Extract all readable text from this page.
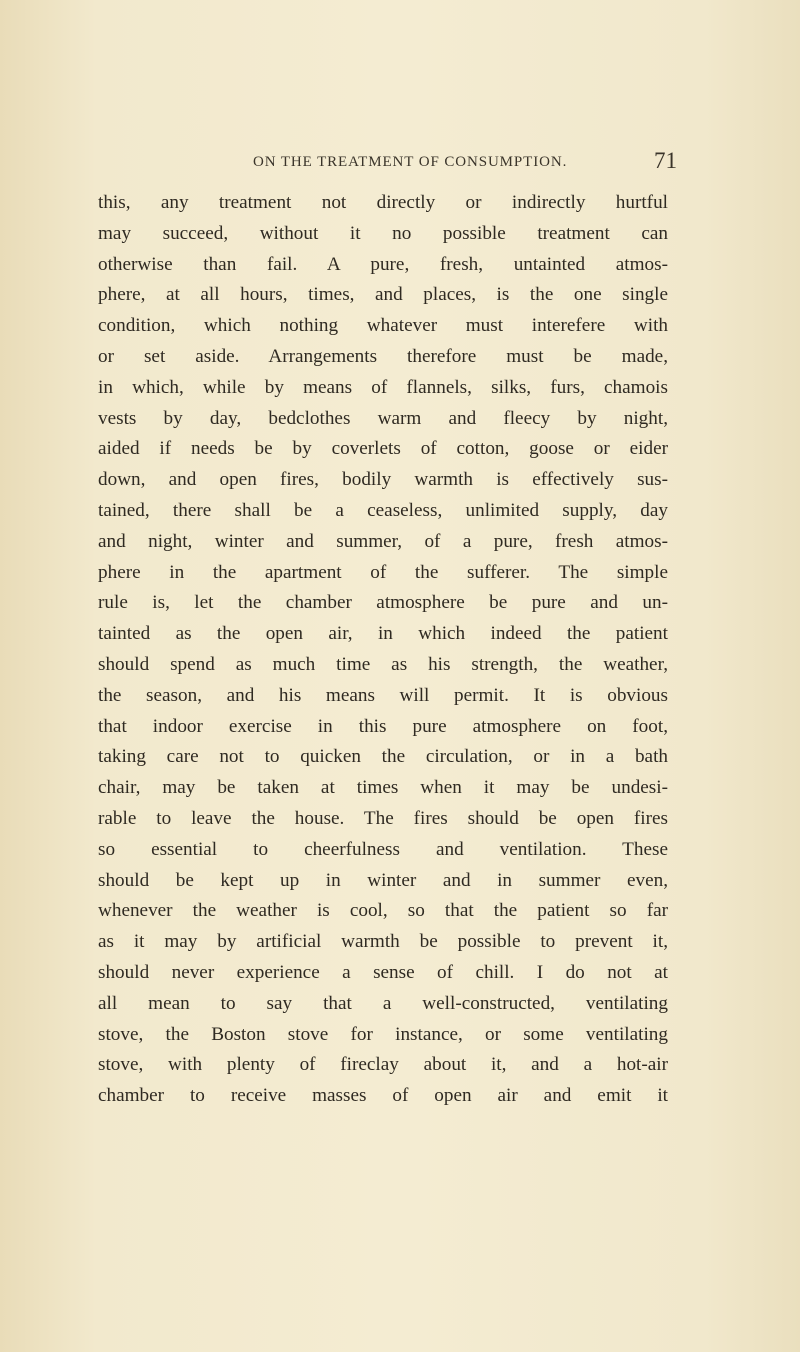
ON THE TREATMENT OF CONSUMPTION.	71
this, any treatment not directly or indirectly hurtful
may succeed, without it no possible treatment can
otherwise than fail. A pure, fresh, untainted atmos-
phere, at all hours, times, and places, is the one single
condition, which nothing whatever must interefere with
or set aside. Arrangements therefore must be made,
in which, while by means of flannels, silks, furs, chamois
vests by day, bedclothes warm and fleecy by night,
aided if needs be by coverlets of cotton, goose or eider
down, and open fires, bodily warmth is effectively sus-
tained, there shall be a ceaseless, unlimited supply, day
and night, winter and summer, of a pure, fresh atmos-
phere in the apartment of the sufferer. The simple
rule is, let the chamber atmosphere be pure and un-
tainted as the open air, in which indeed the patient
should spend as much time as his strength, the weather,
the season, and his means will permit. It is obvious
that indoor exercise in this pure atmosphere on foot,
taking care not to quicken the circulation, or in a bath
chair, may be taken at times when it may be undesi-
rable to leave the house. The fires should be open fires
so essential to cheerfulness and ventilation. These
should be kept up in winter and in summer even,
whenever the weather is cool, so that the patient so far
as it may by artificial warmth be possible to prevent it,
should never experience a sense of chill. I do not at
all mean to say that a well-constructed, ventilating
stove, the Boston stove for instance, or some ventilating
stove, with plenty of fireclay about it, and a hot-air
chamber to receive masses of open air and emit it
